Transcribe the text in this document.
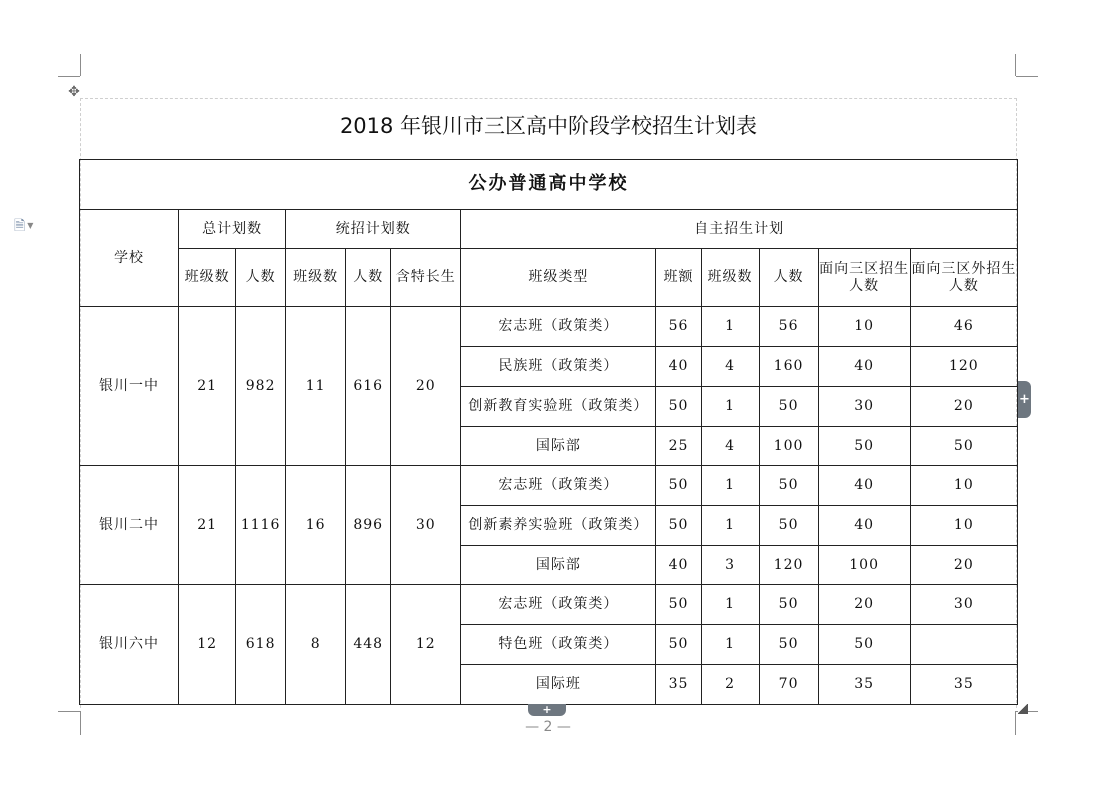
🗎 ▼
✥
2018 年银川市三区高中阶段学校招生计划表
公办普通高中学校											
学校	总计划数		统招计划数			自主招生计划					
	班级数	人数	班级数	人数	含特长生	班级类型	班额	班级数	人数	面向三区招生人数	面向三区外招生人数
银川一中	21	982	11	616	20	宏志班（政策类）	56	1	56	10	46
						民族班（政策类）	40	4	160	40	120
						创新教育实验班（政策类）	50	1	50	30	20
						国际部	25	4	100	50	50
银川二中	21	1116	16	896	30	宏志班（政策类）	50	1	50	40	10
						创新素养实验班（政策类）	50	1	50	40	10
						国际部	40	3	120	100	20
银川六中	12	618	8	448	12	宏志班（政策类）	50	1	50	20	30
						特色班（政策类）	50	1	50	50	
						国际班	35	2	70	35	35
+
+
— 2 —
